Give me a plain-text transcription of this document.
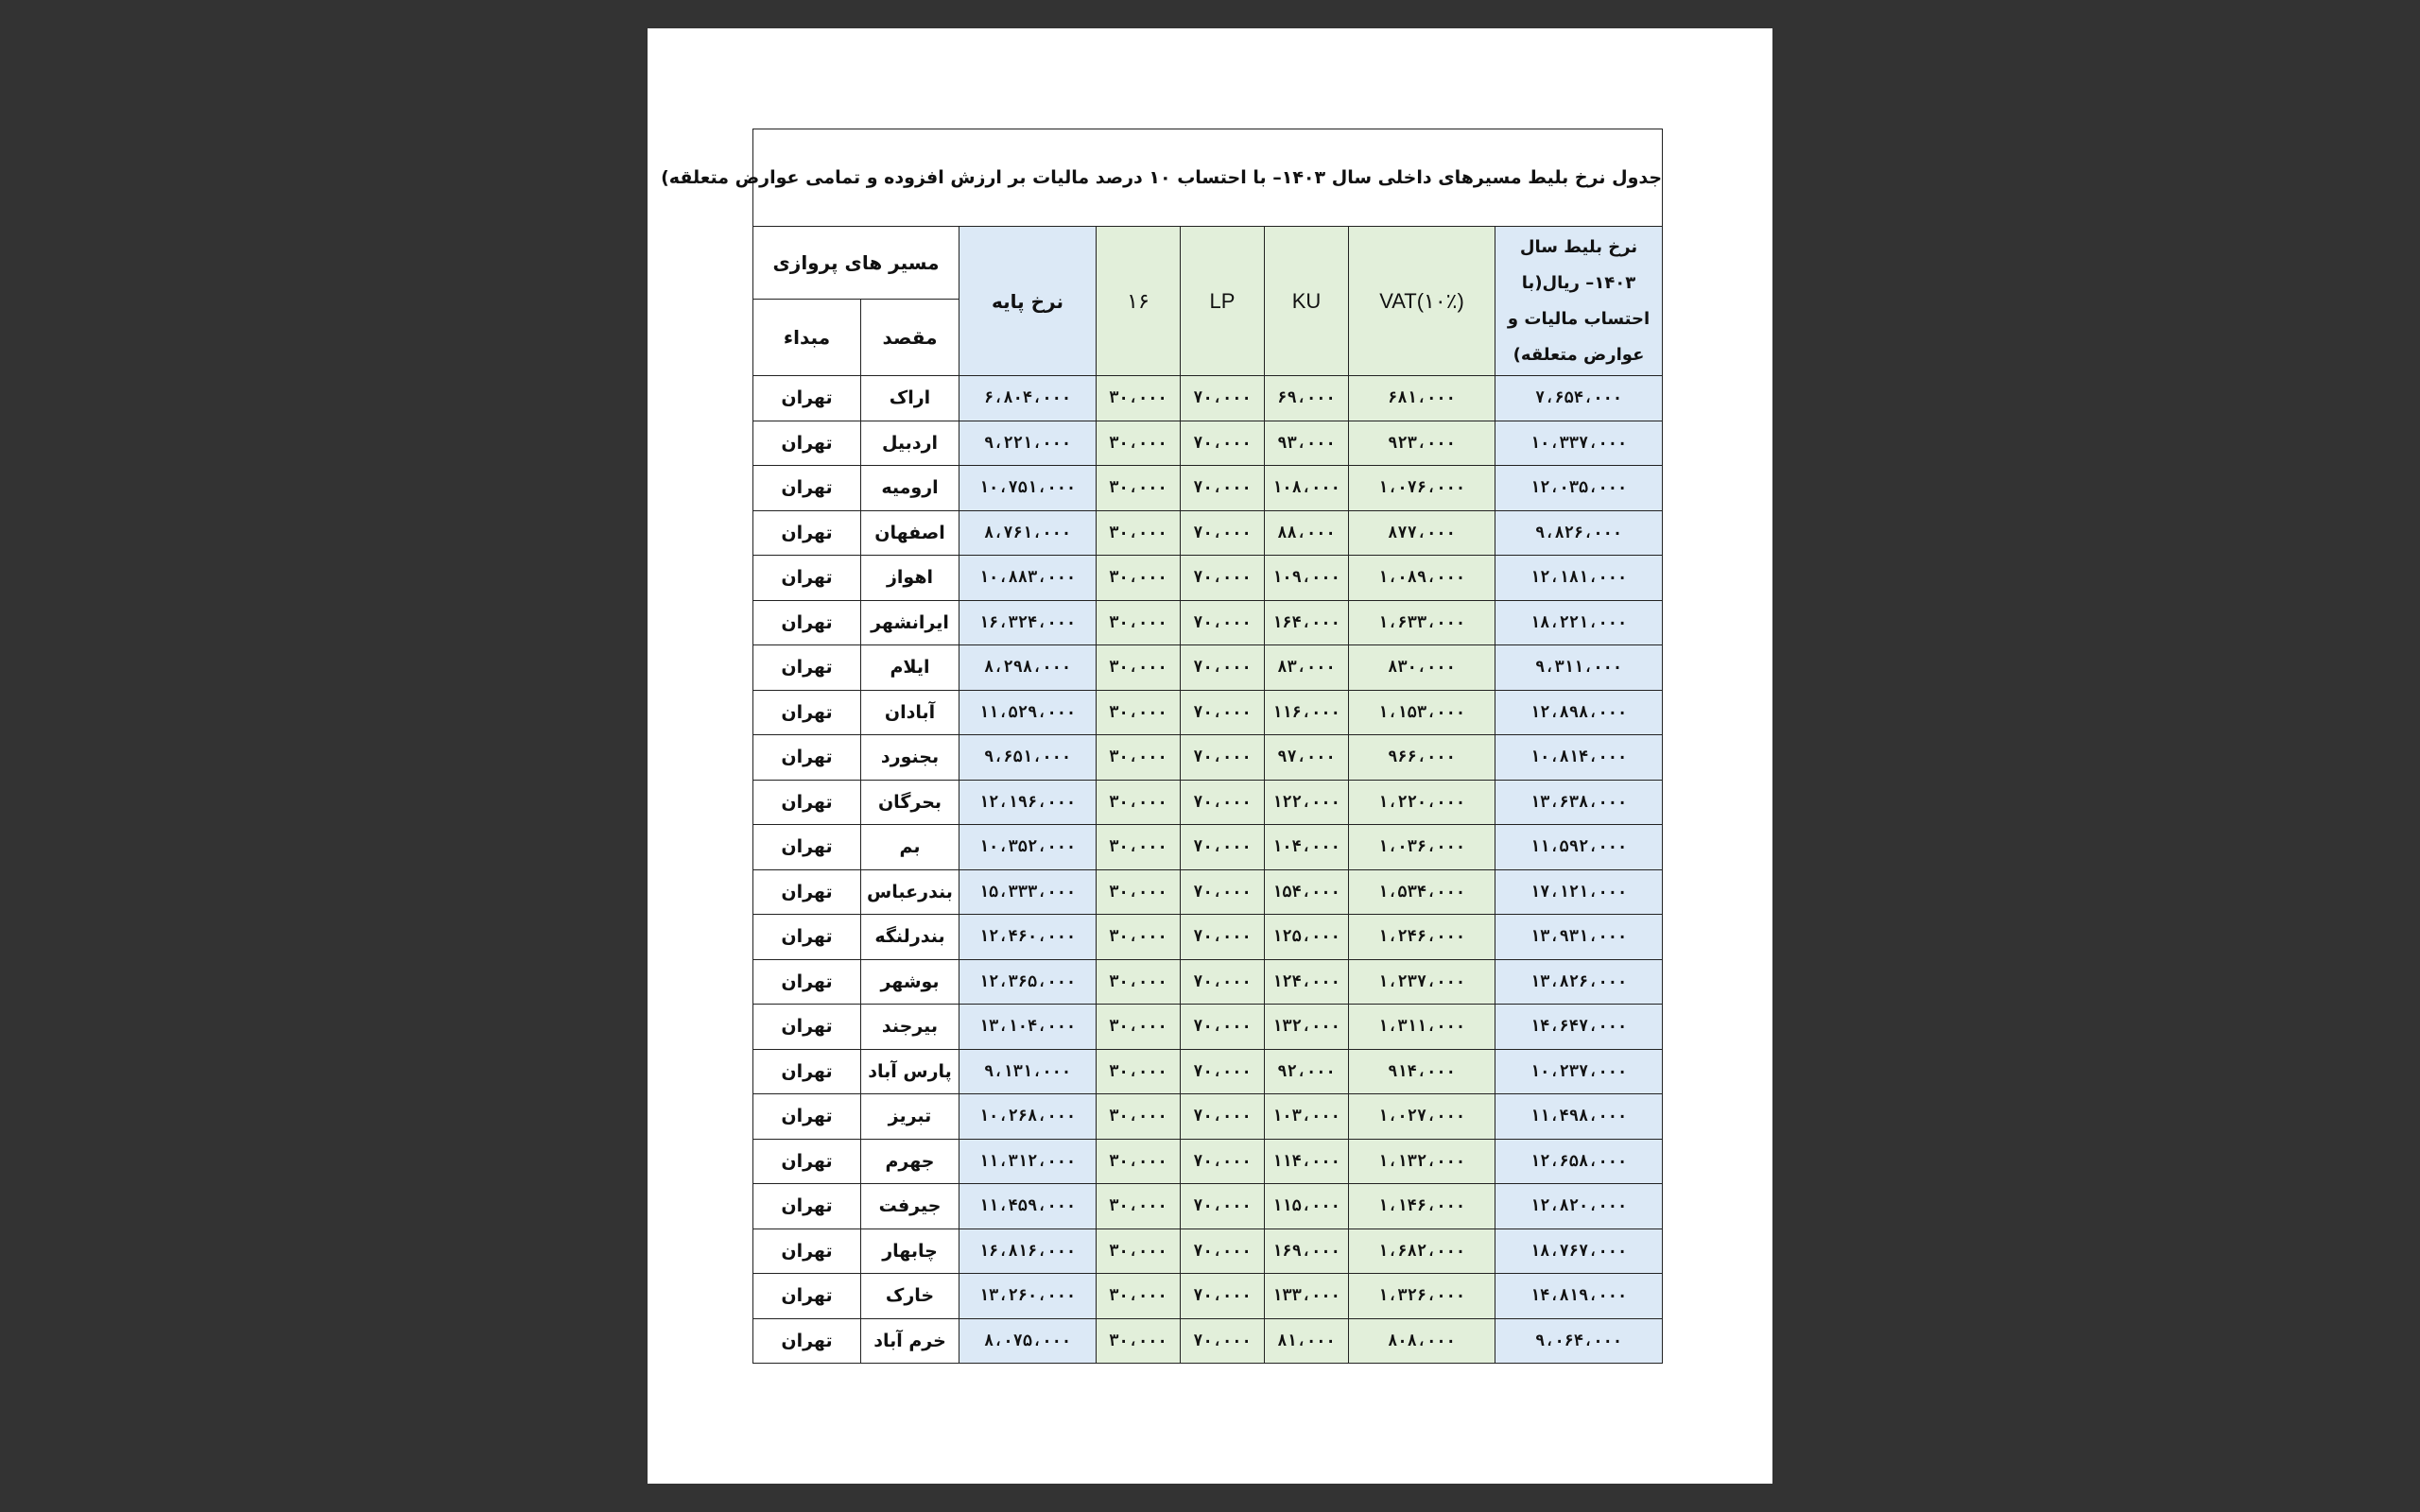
جدول نرخ بلیط مسیرهای داخلی سال ۱۴۰۳– با احتساب ۱۰ درصد مالیات بر ارزش افزوده و تمامی عوارض متعلقه)							
مسیر های پروازی		نرخ پایه	۱۶	LP	KU	VAT(۱۰٪)	نرخ بلیط سال ۱۴۰۳– ریال(با احتساب مالیات و عوارض متعلقه)
مبداء	مقصد						
تهران	اراک	۶،۸۰۴،۰۰۰	۳۰،۰۰۰	۷۰،۰۰۰	۶۹،۰۰۰	۶۸۱،۰۰۰	۷،۶۵۴،۰۰۰
تهران	اردبیل	۹،۲۲۱،۰۰۰	۳۰،۰۰۰	۷۰،۰۰۰	۹۳،۰۰۰	۹۲۳،۰۰۰	۱۰،۳۳۷،۰۰۰
تهران	ارومیه	۱۰،۷۵۱،۰۰۰	۳۰،۰۰۰	۷۰،۰۰۰	۱۰۸،۰۰۰	۱،۰۷۶،۰۰۰	۱۲،۰۳۵،۰۰۰
تهران	اصفهان	۸،۷۶۱،۰۰۰	۳۰،۰۰۰	۷۰،۰۰۰	۸۸،۰۰۰	۸۷۷،۰۰۰	۹،۸۲۶،۰۰۰
تهران	اهواز	۱۰،۸۸۳،۰۰۰	۳۰،۰۰۰	۷۰،۰۰۰	۱۰۹،۰۰۰	۱،۰۸۹،۰۰۰	۱۲،۱۸۱،۰۰۰
تهران	ایرانشهر	۱۶،۳۲۴،۰۰۰	۳۰،۰۰۰	۷۰،۰۰۰	۱۶۴،۰۰۰	۱،۶۳۳،۰۰۰	۱۸،۲۲۱،۰۰۰
تهران	ایلام	۸،۲۹۸،۰۰۰	۳۰،۰۰۰	۷۰،۰۰۰	۸۳،۰۰۰	۸۳۰،۰۰۰	۹،۳۱۱،۰۰۰
تهران	آبادان	۱۱،۵۲۹،۰۰۰	۳۰،۰۰۰	۷۰،۰۰۰	۱۱۶،۰۰۰	۱،۱۵۳،۰۰۰	۱۲،۸۹۸،۰۰۰
تهران	بجنورد	۹،۶۵۱،۰۰۰	۳۰،۰۰۰	۷۰،۰۰۰	۹۷،۰۰۰	۹۶۶،۰۰۰	۱۰،۸۱۴،۰۰۰
تهران	بحرگان	۱۲،۱۹۶،۰۰۰	۳۰،۰۰۰	۷۰،۰۰۰	۱۲۲،۰۰۰	۱،۲۲۰،۰۰۰	۱۳،۶۳۸،۰۰۰
تهران	بم	۱۰،۳۵۲،۰۰۰	۳۰،۰۰۰	۷۰،۰۰۰	۱۰۴،۰۰۰	۱،۰۳۶،۰۰۰	۱۱،۵۹۲،۰۰۰
تهران	بندرعباس	۱۵،۳۳۳،۰۰۰	۳۰،۰۰۰	۷۰،۰۰۰	۱۵۴،۰۰۰	۱،۵۳۴،۰۰۰	۱۷،۱۲۱،۰۰۰
تهران	بندرلنگه	۱۲،۴۶۰،۰۰۰	۳۰،۰۰۰	۷۰،۰۰۰	۱۲۵،۰۰۰	۱،۲۴۶،۰۰۰	۱۳،۹۳۱،۰۰۰
تهران	بوشهر	۱۲،۳۶۵،۰۰۰	۳۰،۰۰۰	۷۰،۰۰۰	۱۲۴،۰۰۰	۱،۲۳۷،۰۰۰	۱۳،۸۲۶،۰۰۰
تهران	بیرجند	۱۳،۱۰۴،۰۰۰	۳۰،۰۰۰	۷۰،۰۰۰	۱۳۲،۰۰۰	۱،۳۱۱،۰۰۰	۱۴،۶۴۷،۰۰۰
تهران	پارس آباد	۹،۱۳۱،۰۰۰	۳۰،۰۰۰	۷۰،۰۰۰	۹۲،۰۰۰	۹۱۴،۰۰۰	۱۰،۲۳۷،۰۰۰
تهران	تبریز	۱۰،۲۶۸،۰۰۰	۳۰،۰۰۰	۷۰،۰۰۰	۱۰۳،۰۰۰	۱،۰۲۷،۰۰۰	۱۱،۴۹۸،۰۰۰
تهران	جهرم	۱۱،۳۱۲،۰۰۰	۳۰،۰۰۰	۷۰،۰۰۰	۱۱۴،۰۰۰	۱،۱۳۲،۰۰۰	۱۲،۶۵۸،۰۰۰
تهران	جیرفت	۱۱،۴۵۹،۰۰۰	۳۰،۰۰۰	۷۰،۰۰۰	۱۱۵،۰۰۰	۱،۱۴۶،۰۰۰	۱۲،۸۲۰،۰۰۰
تهران	چابهار	۱۶،۸۱۶،۰۰۰	۳۰،۰۰۰	۷۰،۰۰۰	۱۶۹،۰۰۰	۱،۶۸۲،۰۰۰	۱۸،۷۶۷،۰۰۰
تهران	خارک	۱۳،۲۶۰،۰۰۰	۳۰،۰۰۰	۷۰،۰۰۰	۱۳۳،۰۰۰	۱،۳۲۶،۰۰۰	۱۴،۸۱۹،۰۰۰
تهران	خرم آباد	۸،۰۷۵،۰۰۰	۳۰،۰۰۰	۷۰،۰۰۰	۸۱،۰۰۰	۸۰۸،۰۰۰	۹،۰۶۴،۰۰۰
